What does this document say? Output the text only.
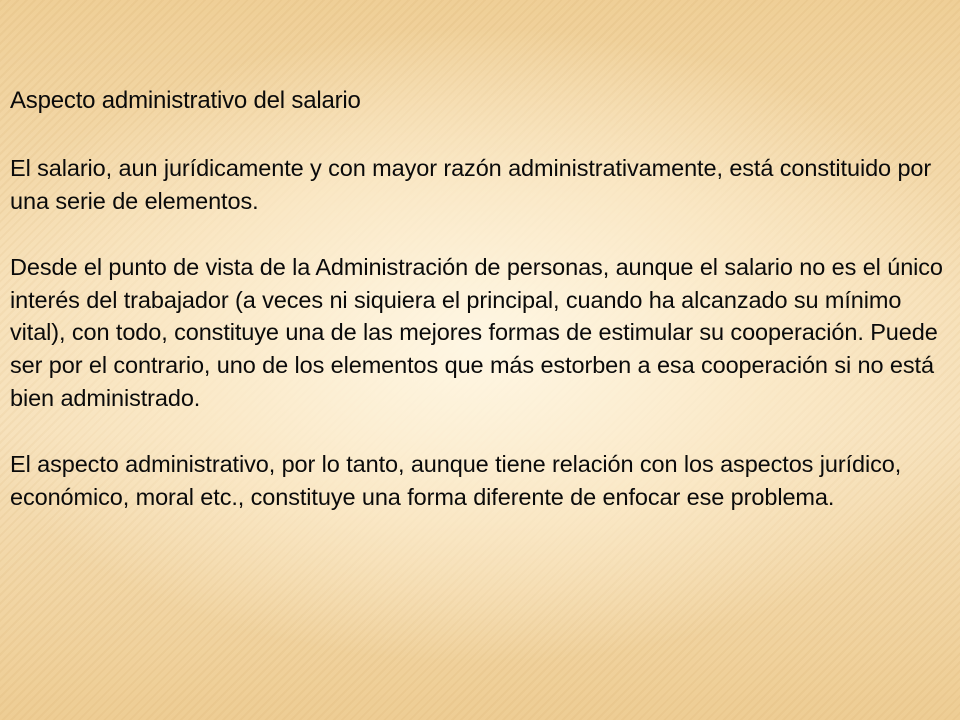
Aspecto administrativo del salario

El salario, aun jurídicamente y con mayor razón administrativamente, está constituido por una serie de elementos.

Desde el punto de vista de la Administración de personas, aunque el salario no es el único interés del trabajador (a veces ni siquiera el principal, cuando ha alcanzado su mínimo vital), con todo, constituye una de las mejores formas de estimular su cooperación. Puede ser por el contrario, uno de los elementos que más estorben a esa cooperación si no está bien administrado.

El aspecto administrativo, por lo tanto, aunque tiene relación con los aspectos jurídico, económico, moral etc., constituye una forma diferente de enfocar ese problema.
